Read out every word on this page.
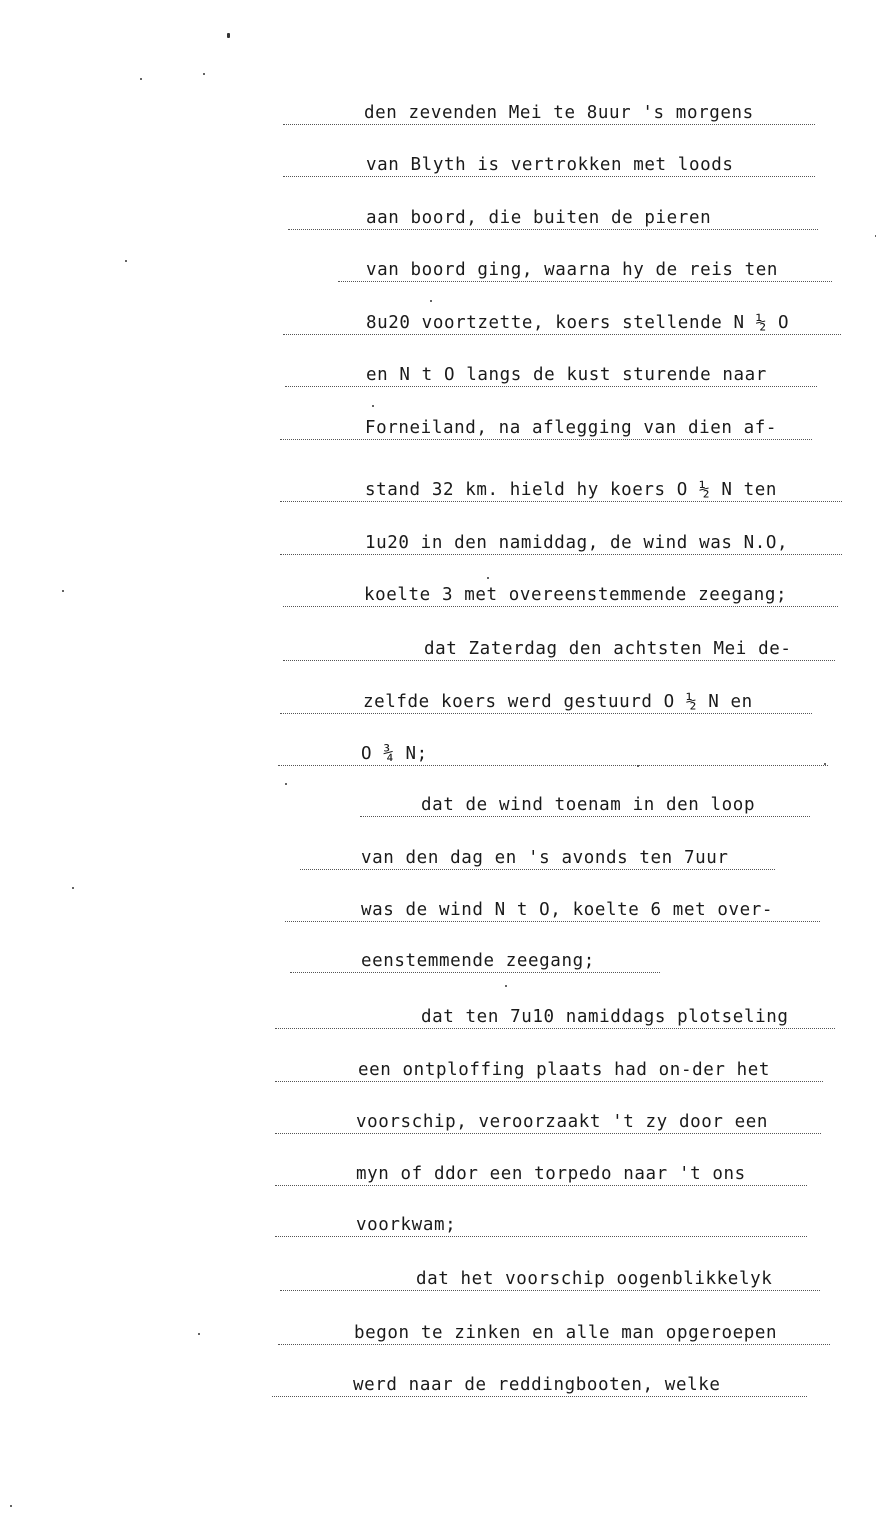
den zevenden Mei te 8uur 's morgens
van Blyth is vertrokken met loods
aan boord, die buiten de pieren
van boord ging, waarna hy de reis ten
8u20 voortzette, koers stellende N ½ O
en N t O langs de kust sturende naar
Forneiland, na aflegging van dien af-
stand 32 km. hield hy koers O ½ N ten
1u20 in den namiddag, de wind was N.O,
koelte 3 met overeenstemmende zeegang;
dat Zaterdag den achtsten Mei de-
zelfde koers werd gestuurd O ½ N en
O ¾ N;
dat de wind toenam in den loop
van den dag en 's avonds ten 7uur
was de wind N t O, koelte 6 met over-
eenstemmende zeegang;
dat ten 7u10 namiddags plotseling
een ontploffing plaats had on-der het
voorschip, veroorzaakt 't zy door een
myn of ddor een torpedo naar 't ons
voorkwam;
dat het voorschip oogenblikkelyk
begon te zinken en alle man opgeroepen
werd naar de reddingbooten, welke
